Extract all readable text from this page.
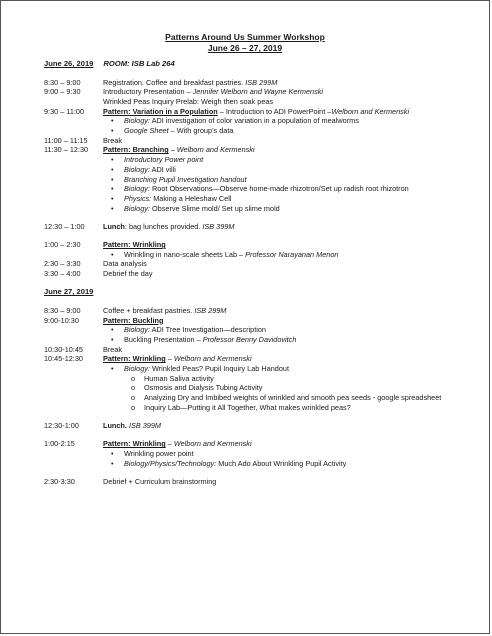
Patterns Around Us Summer Workshop
June 26 – 27, 2019
June 26, 2019 ROOM: ISB Lab 264
8:30 – 9:00	Registration. Coffee and breakfast pastries. ISB 299M
9:00 – 9:30	Introductory Presentation – Jennifer Welborn and Wayne Kermenski
Wrinkled Peas Inquiry Prelab: Weigh then soak peas
9:30 – 11:00	Pattern: Variation in a Population – Introduction to ADI PowerPoint –Welborn and Kermenski
•	Biology: ADI investigation of color variation in a population of mealworms
•	Google Sheet – With group’s data
11:00 – 11:15	Break
11:30 – 12:30	Pattern: Branching – Welborn and Kermenski
•	Introductory Power point
•	Biology: ADI villi
•	Branching Pupil Investigation handout
•	Biology: Root Observations—Observe home-made rhizotron/Set up radish root rhizotron
•	Physics: Making a Heleshaw Cell
•	Biology: Observe Slime mold/ Set up slime mold
12:30 – 1:00	Lunch: bag lunches provided. ISB 399M
1:00 – 2:30	Pattern: Wrinkling
•	Wrinkling in nano-scale sheets Lab – Professor Narayanan Menon
2:30 – 3:30	Data analysis
3:30 – 4:00	Debrief the day
June 27, 2019
8:30 – 9:00	Coffee + breakfast pastries. ISB 299M
9:00-10:30	Pattern: Buckling
•	Biology: ADI Tree Investigation—description
•	Buckling Presentation – Professor Benny Davidovitch
10:30-10:45	Break
10:45-12:30	Pattern: Wrinkling – Welborn and Kermenski
•	Biology: Wrinkled Peas? Pupil Inquiry Lab Handout
o	Human Saliva activity
o	Osmosis and Dialysis Tubing Activity
o	Analyzing Dry and Imbibed weights of wrinkled and smooth pea seeds - google spreadsheet
o	Inquiry Lab—Putting it All Together, What makes wrinkled peas?
12:30-1:00	Lunch. ISB 399M
1:00-2:15	Pattern: Wrinkling – Welborn and Kermenski
•	Wrinkling power point
•	Biology/Physics/Technology: Much Ado About Wrinkling Pupil Activity
2:30-3:30	Debrief + Curriculum brainstorming
